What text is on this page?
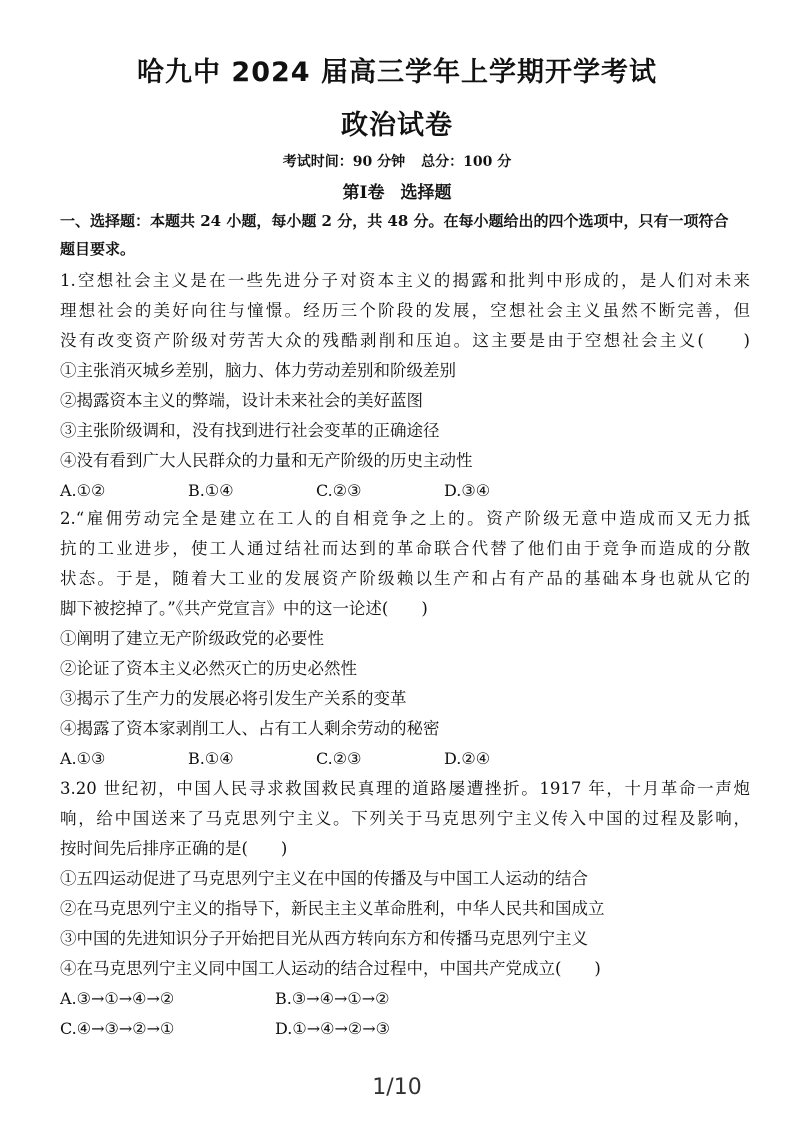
哈九中 2024 届高三学年上学期开学考试
政治试卷
考试时间：90 分钟 总分：100 分
第Ⅰ卷 选择题
一、选择题：本题共 24 小题，每小题 2 分，共 48 分。在每小题给出的四个选项中，只有一项符合
题目要求。
1.空想社会主义是在一些先进分子对资本主义的揭露和批判中形成的，是人们对未来
理想社会的美好向往与憧憬。经历三个阶段的发展，空想社会主义虽然不断完善，但
没有改变资产阶级对劳苦大众的残酷剥削和压迫。这主要是由于空想社会主义(　　)
①主张消灭城乡差别，脑力、体力劳动差别和阶级差别
②揭露资本主义的弊端，设计未来社会的美好蓝图
③主张阶级调和，没有找到进行社会变革的正确途径
④没有看到广大人民群众的力量和无产阶级的历史主动性
A.①②	B.①④	C.②③	D.③④
2.“雇佣劳动完全是建立在工人的自相竞争之上的。资产阶级无意中造成而又无力抵
抗的工业进步，使工人通过结社而达到的革命联合代替了他们由于竞争而造成的分散
状态。于是，随着大工业的发展资产阶级赖以生产和占有产品的基础本身也就从它的
脚下被挖掉了。”《共产党宣言》中的这一论述(　　)
①阐明了建立无产阶级政党的必要性
②论证了资本主义必然灭亡的历史必然性
③揭示了生产力的发展必将引发生产关系的变革
④揭露了资本家剥削工人、占有工人剩余劳动的秘密
A.①③	B.①④	C.②③	D.②④
3.20 世纪初，中国人民寻求救国救民真理的道路屡遭挫折。1917 年，十月革命一声炮
响，给中国送来了马克思列宁主义。下列关于马克思列宁主义传入中国的过程及影响，
按时间先后排序正确的是(　　)
①五四运动促进了马克思列宁主义在中国的传播及与中国工人运动的结合
②在马克思列宁主义的指导下，新民主主义革命胜利，中华人民共和国成立
③中国的先进知识分子开始把目光从西方转向东方和传播马克思列宁主义
④在马克思列宁主义同中国工人运动的结合过程中，中国共产党成立(　　)
A.③→①→④→②	B.③→④→①→②
C.④→③→②→①	D.①→④→②→③
1/10
